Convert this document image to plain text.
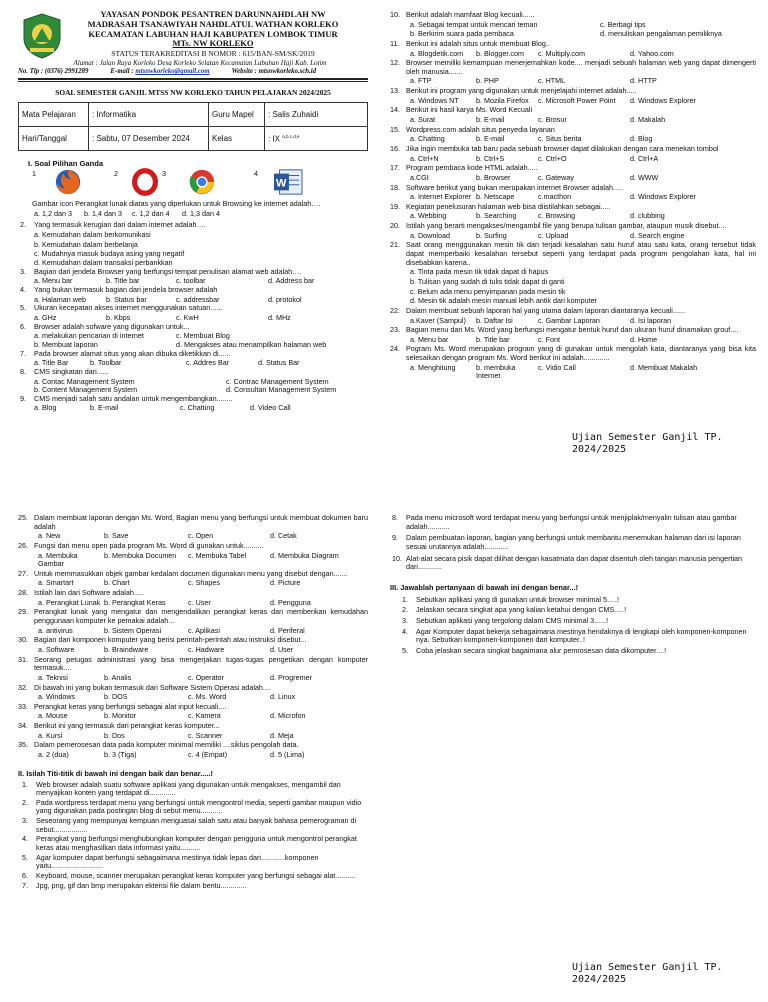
YAYASAN PONDOK PESANTREN DARUNNAHDLAH NW
MADRASAH TSANAWIYAH NAHDLATUL WATHAN KORLEKO
KECAMATAN LABUHAN HAJI KABUPATEN LOMBOK TIMUR
MTs. NW KORLEKO
STATUS TERAKREDITASI B NOMOR : 615/BAN-SM/SK/2019
Alamat : Jalan Raya Korleko Desa Korleko Selatan Kecamatan Labuhan Haji Kab. Lotim
No. Tlp : (0376) 2991289	E-mail : mtsnwkorleko@gmail.com	Website : mtsnwkorleko.sch.id
SOAL SEMESTER GANJIL MTSS NW KORLEKO TAHUN PELAJARAN 2024/2025
Mata Pelajaran	: Informatika	Guru Mapel	: Salis Zuhaidi
Hari/Tanggal	: Sabtu, 07 Desember 2024	Kelas	: IX $^{a,b,c,d,e}$
I. Soal Pilihan Ganda
1	2	3	4
W
Gambar icon Perangkat lunak diatas yang diperlukan untuk Browsing ke internet adalah….
a. 1,2 dan 3	b. 1,4 dan 3	c. 1,2 dan 4	d. 1,3 dan 4
2. Yang termasuk kerugian dari dalam internet adalah….
a. Kemudahan dalam berkomunikasi
b. Kemudahan dalam berbelanja
c. Mudahnya masuk budaya asing yang negatif
d. Kemudahan dalam transaksi perbankkan
3. Bagian dari jendela Browser yang berfungsi tempat penulisan alamat web adalah….
a. Menu bar	b. Title bar	c. toolbar	d. Address bar
4. Yang bukan termasuk bagian dari jendela browser adalah
a. Halaman web	b. Status bar	c. addressbar	d. protokol
5. Ukuran kecepatan akses internet menggunakan satuan......
a. GHz	b. Kbps	c. KwH	d. MHz
6. Browser adalah sofware yang digunakan untuk...
a. melakukan pencarian di internet	c. Membuat Blog
b. Membuat laporan	d. Mengakses atau menampilkan halaman web
7. Pada browser alamat situs yang akan dibuka diketikkan di......
a. Title Bar	b. Toolbar	c. Addres Bar	d. Status Bar
8. CMS singkatan dari......
a. Contac Management System	c. Contrac Management System
b. Content Management System	d. Consultan Management System
9. CMS menjadi salah satu andalan untuk mengembangkan........
a. Blog	b. E-mail	c. Chatting	d. Video Call
10. Berikut adalah mamfaat Blog kecuali......
a. Sebagai tempat untuk mencari teman	c. Berbagi tips
b. Berkirim suara pada pembaca	d. menuliskan pengalaman pemiliknya
11. Berikut ini adalah situs untuk membuat Blog..
a. Blogdetik.com	b. Blogger.com	c. Multiply.com	d. Yahoo.com
12. Browser memiliki kemampuan menerjemahkan kode.... menjadi sebuah halaman web yang dapat dimengerti oleh manusia.......
a. FTP	b. PHP	c. HTML	d. HTTP
13. Berikut ini program yang digunakan untuk menjelajahi internet adalah.....
a. Windows NT	b. Mozila Firefox	c. Microsoft Power Point	d. Windows Explorer
14. Berikut ini hasil karya Ms. Word Kecuali
a. Surat	b. E-mail	c. Brosur	d. Makalah
15. Wordpress.com adalah situs penyedia layanan
a. Chatting	b. E-mail	c. Situs berita	d. Blog
16. Jika ingin membuka tab baru pada sebuah browser dapat dilakukan dengan cara menekan tombol
a. Ctrl+N	b. Ctrl+S	c. Ctrl+O	d. Ctrl+A
17. Program pembaca kode HTML adalah.....
a.CGI	b. Browser	c. Gateway	d. WWW
18. Software berikut yang bukan merupakan internet Browser adalah.....
a. Internet Explorer b. Netscape	c.macthon	d. Windows Explorer
19. Kegiatan penelusuran halaman web bisa diistilahkan sebagai.....
a. Webbing	b. Searching	c. Browsing	d. clubbing
20. Istilah yang berarti mengakses/mengambil file yang berupa tulisan gambar, ataupun musik disebut....
a. Download	b. Surfing	c. Upload	d. Search engine
21. Saat orang menggunakan mesin tik dan terjadi kesalahan satu huruf atau satu kata, orang tersebut tidak dapat memperbaiki kesalahan tersebut seperti yang terdapat pada program pengolahan kata, hal ini disebabkan karena..
a. Tinta pada mesin tik tidak dapat di hapus
b. Tulisan yang sudah di tulis tidak dapat di ganti
c. Belum ada menu penyimpanan pada mesin tik
d. Mesin tik adalah mesin manual lebih antik dari komputer
22. Dalam membuat sebuah laporan hal yang utama dalam laporan diantaranya kecuali......
a.Kaver (Sampul)	b. Daftar Isi	c. Gambar Laporan	d. Isi laporan
23. Bagian menu dari Ms. Word yang berfungsi mengatur bentuk huruf dan ukuran huruf dinamakan grouf....
a. Menu bar	b. Title bar	c. Font	d. Home
24. Pogram Ms. Word merupakan program yang di gunakan untuk mengolah kata, diantaranya yang bisa kita selesaikan dengan program Ms. Word berikut ini adalah.............
a. Menghitung	b. membuka Internet
c. Vidio Call	d. Membuat Makalah
Ujian Semester Ganjil TP. 2024/2025
25. Dalam membuat laporan dengan Ms. Word, Bagian menu yang berfungsi untuk membuat dokumen baru adalah
a. New	b. Save	c. Open	d. Cetak
26. Fungsi dari menu open pada program Ms. Word di gunakan untuk..........
a. Membuka Gambar
b. Membuka Documen	c. Membuka Tabel	d. Membuka Diagram
27. Untuk memmasukkan objek gambar kedalam documen digunakan menu yang disebut dengan.......
a. Smartart	b. Chart	c. Shapes	d. Picture
28. Istilah lain dari Software adalah.....
a. Perangkat Lunak b. Perangkat Keras	c. User	d. Pengguna
29. Perangkat lunak yang mengatur dan mengendalikan perangkat keras dan memberikan kemudahan penggunaan komputer ke pemakai adalah...
a. antivirus	b. Sistem Operasi	c. Aplikasi	d. Periferal
30. Bagian dari komponen komputer yang berisi perintah-perintah atau instruksi disebut...
a. Software	b. Braindware	c. Hadware	d. User
31. Seorang petugas administrasi yang bisa mengerjakan tugas-tugas pengetikan dengan komputer termasuk....
a. Teknisi	b. Analis	c. Operator	d. Progremer
32. Di bawah ini yang bukan termasuk dari Software Sistem Operasi adalah....
a. Windows	b. DOS	c. Ms. Word	d. Linux
33. Perangkat keras yang berfungsi sebagai alat input kecuali....
a. Mouse	b. Monitor	c. Kamera	d. Microfon
34. Berikut ini yang termasuk dari perangkat keras komputer...
a. Kursi	b. Dos	c. Scanner	d. Meja
35. Dalam pemerosesan data pada komputer minimal memiliki ....siklus pengolah data.
a. 2 (dua)	b. 3 (Tiga)	c. 4 (Empat)	d. 5 (Lima)
II. Isilah Titi-titik di bawah ini dengan baik dan benar.....!
1.	Web browser adalah suatu software aplikasi yang digunakan untuk mengakses, mengambil dan menyajikan konten yang terdapat di.............
2.	Pada wordpress terdapat menu yang berfungsi untuk mengontrol media, seperti gambar maupun vidio yang digunakan pada postingan blog di sebut menu...........
3.	Seseorang yang mempunyai kempuan menguasai salah satu atau banyak bahasa pemerograman di sebut.................
4.	Perangkat yang berfungsi menghubungkan komputer dengan pengguna untuk mengontrol perangkat keras atau menghasilkan data informasi yaitu..........
5.	Agar komputer dapat berfungsi sebagaimana mestinya tidak lepas dari............komponen yaitu..........................
6.	Keyboard, mouse, scanner merupakan perangkat keras komputer yang berfungsi sebagai alat..........
7.	Jpg, png, gif dan bmp merupakan ektensi file dalam bentu.............
8.	Pada menu microsoft word terdapat menu yang berfungsi untuk menjiplak/menyalin tulisan atau gambar adalah...........
9.	Dalam pembuatan laporan, bagian yang berfungsi untuk membantu menemukan halaman dari isi laporan sesuai urutannya adalah............
10. Alat-alat secara pisik dapat dilihat dengan kasatmata dan dapat disentuh oleh tangan manusia pengertian dari............
III. Jawablah pertanyaan di bawah ini dengan benar...!
1.	Sebutkan aplikasi yang di gunakan untuk browser minimal 5.....!
2.	Jelaskan secara singkat apa yang kalian ketahui dengan CMS.....!
3.	Sebutkan aplikasi yang tergolong dalam CMS minimal 3......!
4.	Agar Komputer dapat bekerja sebagaimana mestinya hendaknya di lengkapi oleh komponen-komponen nya. Sebutkan komponen-komponen dari komputer..!
5.	Coba jelaskan secara singkat bagaimana alur pemrosesan data dikomputer....!
Ujian Semester Ganjil TP. 2024/2025
